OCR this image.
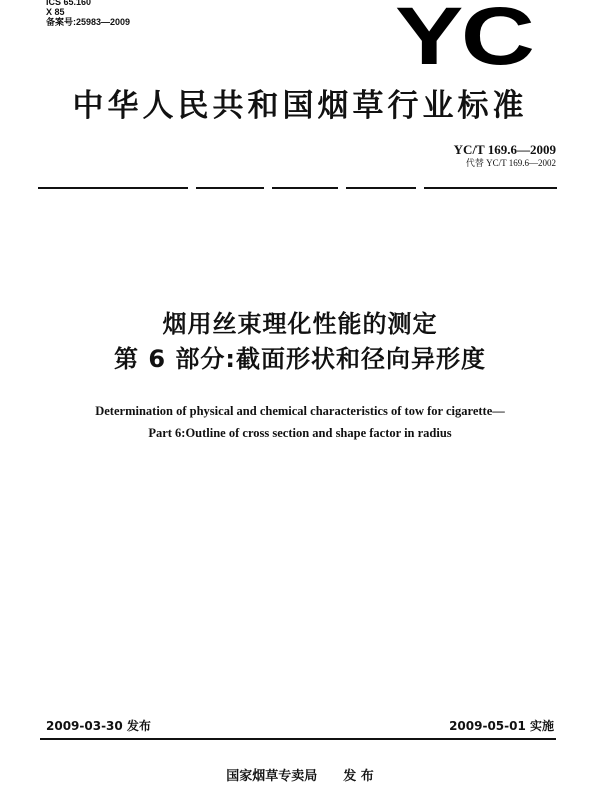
ICS 65.160
X 85
备案号:25983—2009	YC
中华人民共和国烟草行业标准
YC/T 169.6—2009
代替 YC/T 169.6—2002
烟用丝束理化性能的测定
第 6 部分:截面形状和径向异形度
Determination of physical and chemical characteristics of tow for cigarette—
Part 6:Outline of cross section and shape factor in radius
2009-03-30 发布	2009-05-01 实施
国家烟草专卖局 发 布
